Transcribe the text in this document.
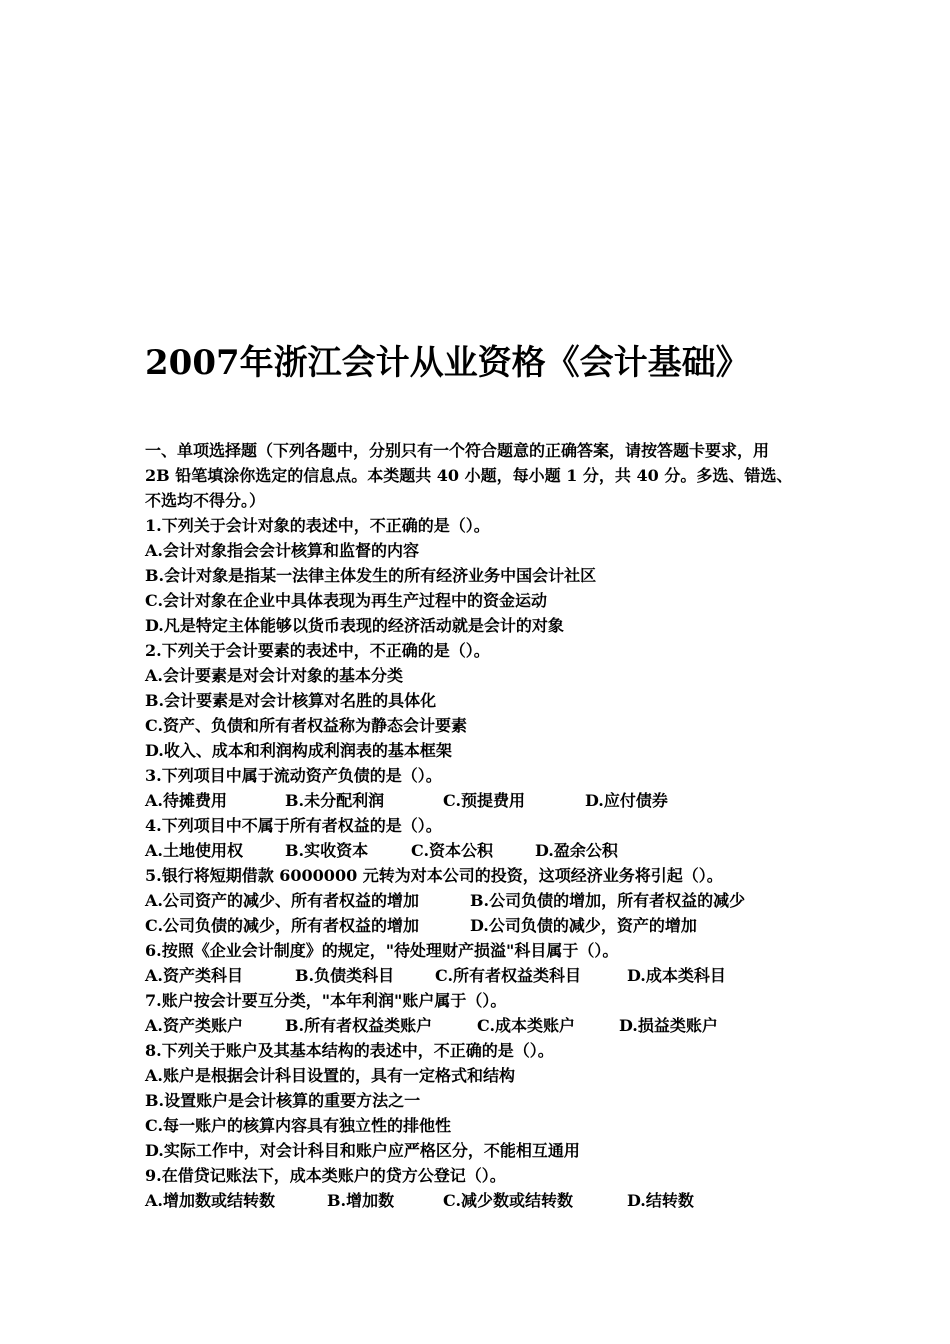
2007年浙江会计从业资格《会计基础》

一、单项选择题（下列各题中，分别只有一个符合题意的正确答案，请按答题卡要求，用

2B 铅笔填涂你选定的信息点。本类题共 40 小题，每小题 1 分，共 40 分。多选、错选、

不选均不得分。）

1.下列关于会计对象的表述中，不正确的是（）。

A.会计对象指会会计核算和监督的内容

B.会计对象是指某一法律主体发生的所有经济业务中国会计社区

C.会计对象在企业中具体表现为再生产过程中的资金运动

D.凡是特定主体能够以货币表现的经济活动就是会计的对象

2.下列关于会计要素的表述中，不正确的是（）。

A.会计要素是对会计对象的基本分类

B.会计要素是对会计核算对名胜的具体化

C.资产、负债和所有者权益称为静态会计要素

D.收入、成本和利润构成利润表的基本框架

3.下列项目中属于流动资产负债的是（）。

A.待摊费用	B.未分配利润	C.预提费用	D.应付债券

4.下列项目中不属于所有者权益的是（）。

A.土地使用权	B.实收资本	C.资本公积	D.盈余公积

5.银行将短期借款 6000000 元转为对本公司的投资，这项经济业务将引起（）。

A.公司资产的减少、所有者权益的增加	B.公司负债的增加，所有者权益的减少
C.公司负债的减少，所有者权益的增加	D.公司负债的减少，资产的增加

6.按照《企业会计制度》的规定，"待处理财产损溢"科目属于（）。

A.资产类科目	B.负债类科目	C.所有者权益类科目	D.成本类科目

7.账户按会计要互分类，"本年利润"账户属于（）。

A.资产类账户	B.所有者权益类账户	C.成本类账户	D.损益类账户

8.下列关于账户及其基本结构的表述中，不正确的是（）。

A.账户是根据会计科目设置的，具有一定格式和结构

B.设置账户是会计核算的重要方法之一

C.每一账户的核算内容具有独立性的排他性

D.实际工作中，对会计科目和账户应严格区分，不能相互通用

9.在借贷记账法下，成本类账户的贷方公登记（）。

A.增加数或结转数	B.增加数	C.减少数或结转数	D.结转数
